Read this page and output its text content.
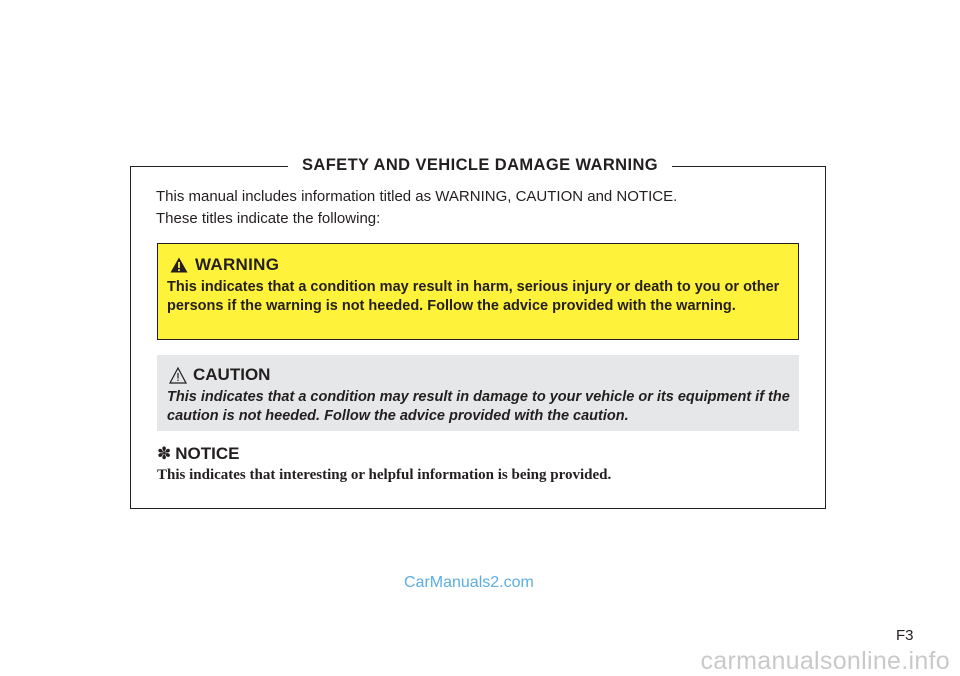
SAFETY AND VEHICLE DAMAGE WARNING
This manual includes information titled as WARNING, CAUTION and NOTICE.
These titles indicate the following:
WARNING
This indicates that a condition may result in harm, serious injury or death to you or other persons if the warning is not heeded. Follow the advice provided with the warning.
CAUTION
This indicates that a condition may result in damage to your vehicle or its equipment if the caution is not heeded. Follow the advice provided with the caution.
✽ NOTICE
This indicates that interesting or helpful information is being provided.
CarManuals2.com
F3
carmanualsonline.info
